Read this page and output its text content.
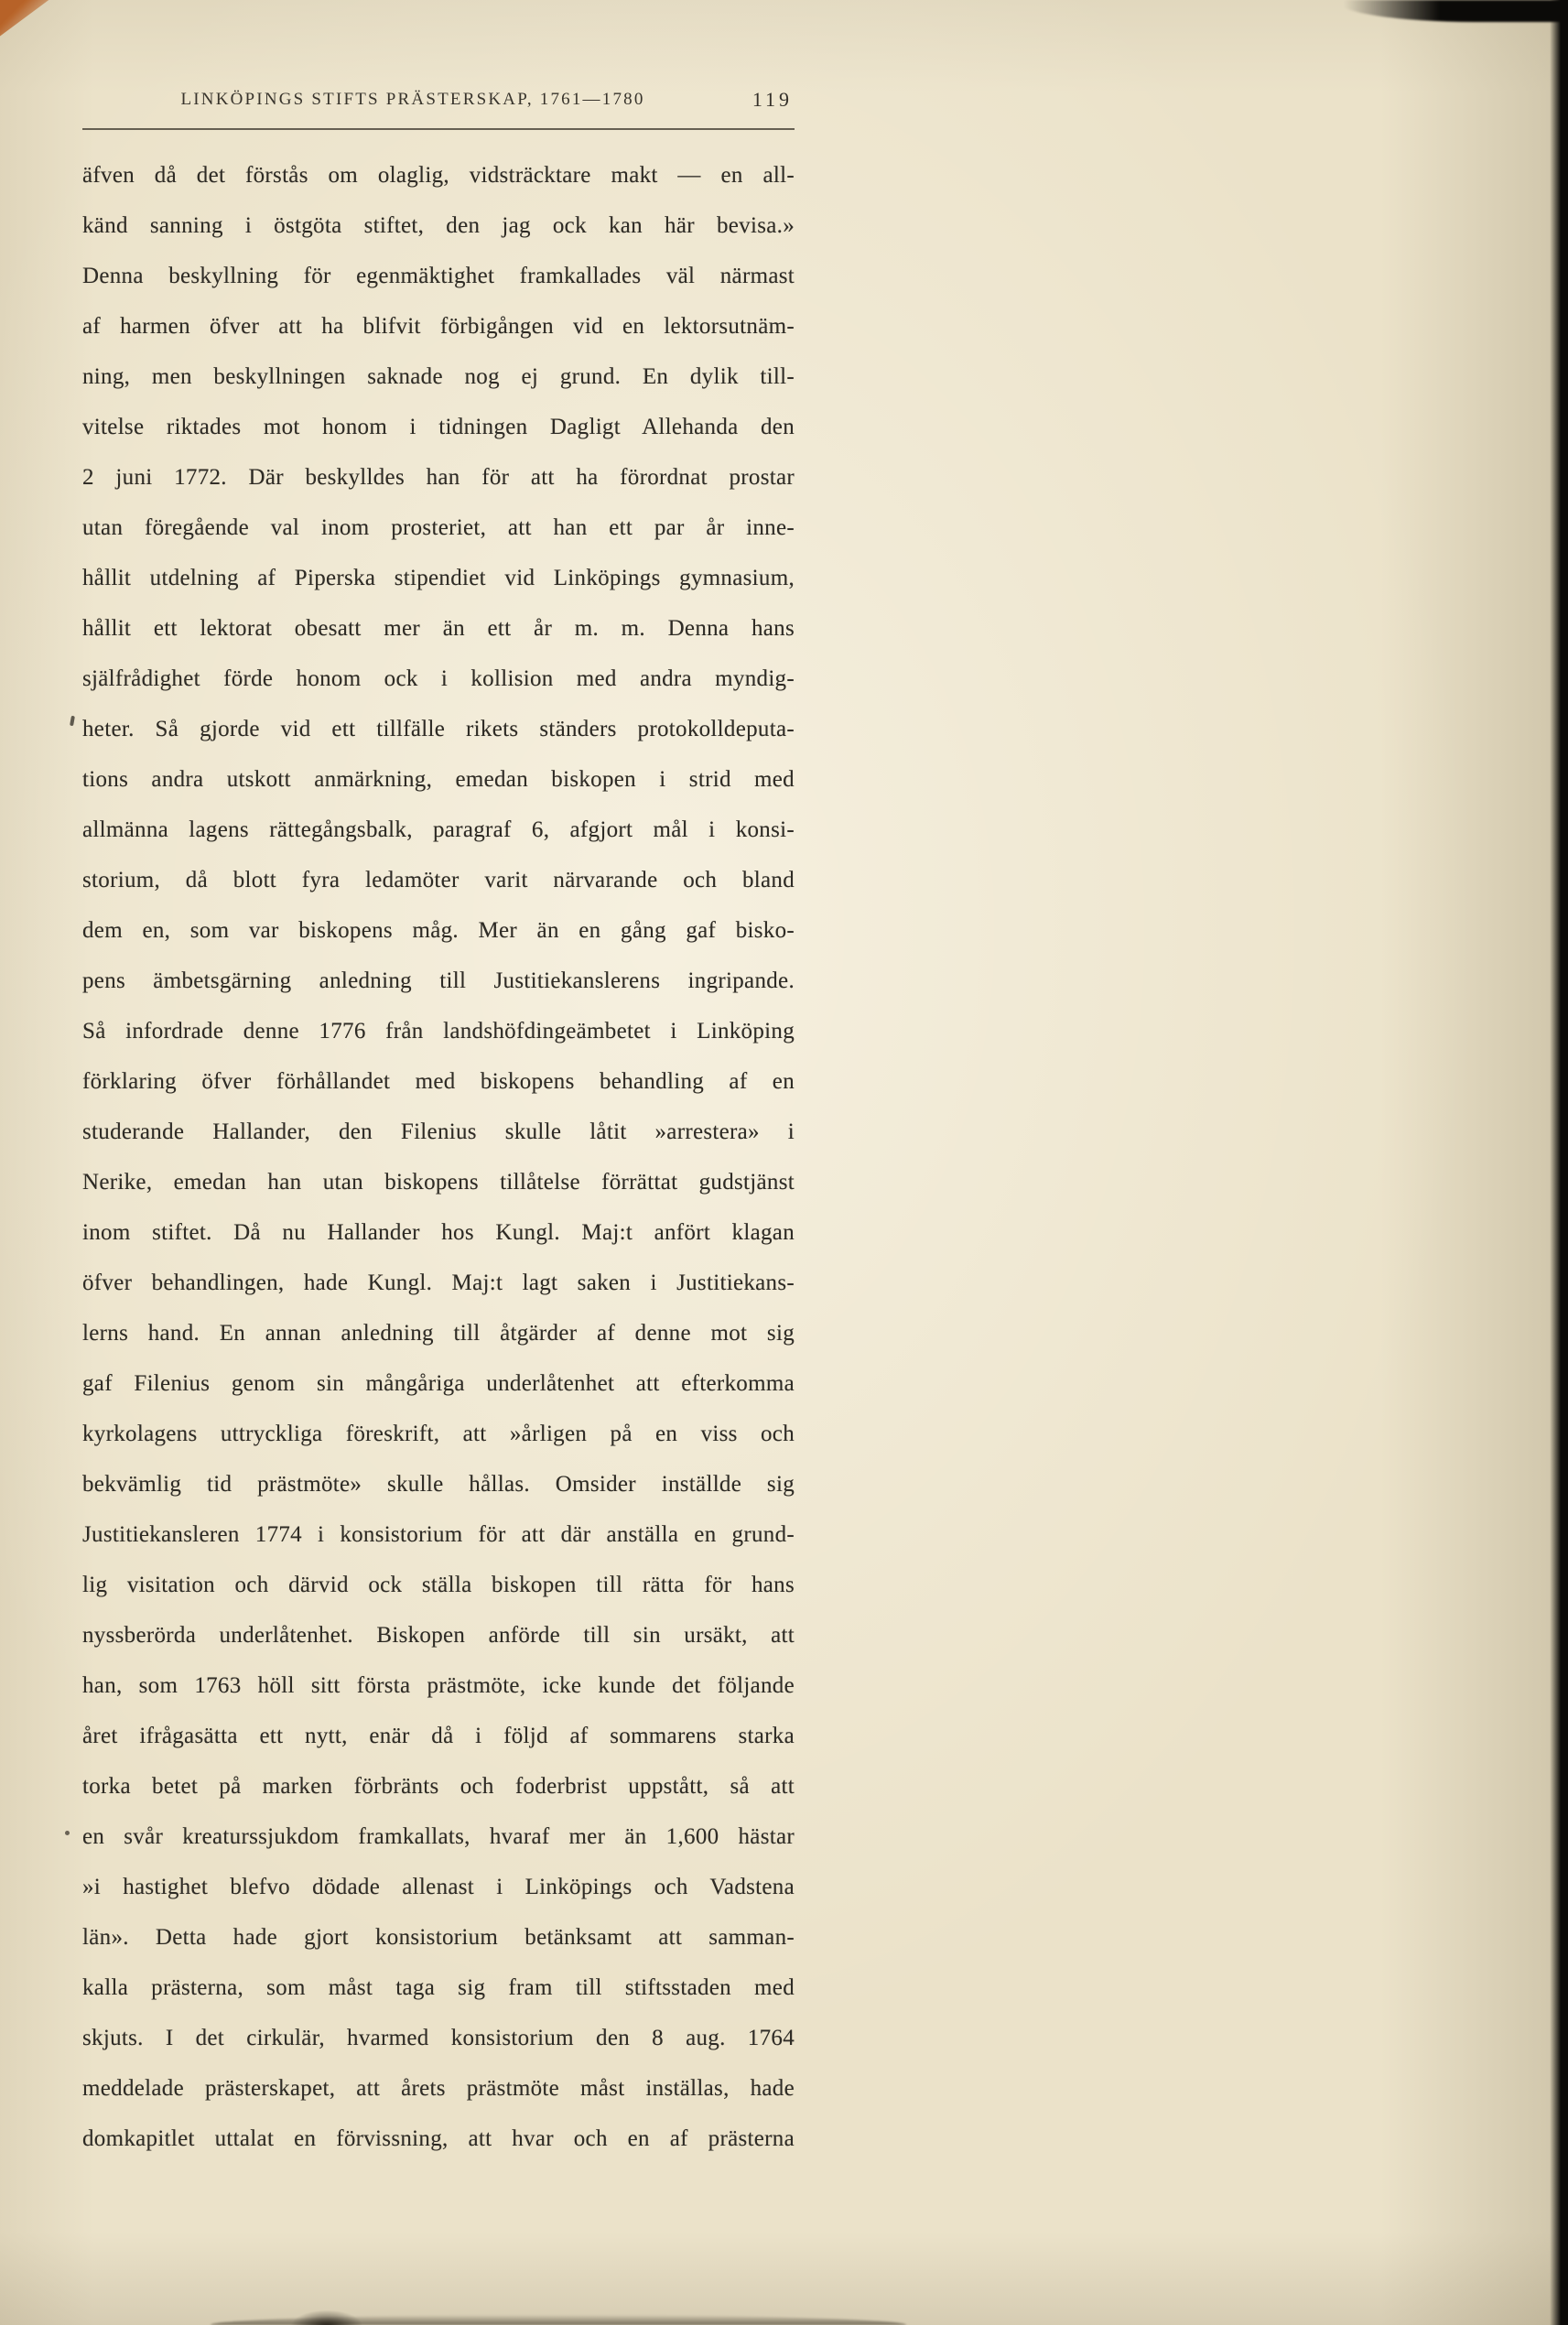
LINKÖPINGS STIFTS PRÄSTERSKAP, 1761—1780	119
äfven då det förstås om olaglig, vidsträcktare makt — en all-
känd sanning i östgöta stiftet, den jag ock kan här bevisa.»
Denna beskyllning för egenmäktighet framkallades väl närmast
af harmen öfver att ha blifvit förbigången vid en lektorsutnäm-
ning, men beskyllningen saknade nog ej grund. En dylik till-
vitelse riktades mot honom i tidningen Dagligt Allehanda den
2 juni 1772. Där beskylldes han för att ha förordnat prostar
utan föregående val inom prosteriet, att han ett par år inne-
hållit utdelning af Piperska stipendiet vid Linköpings gymnasium,
hållit ett lektorat obesatt mer än ett år m. m. Denna hans
själfrådighet förde honom ock i kollision med andra myndig-
heter. Så gjorde vid ett tillfälle rikets ständers protokolldeputa-
tions andra utskott anmärkning, emedan biskopen i strid med
allmänna lagens rättegångsbalk, paragraf 6, afgjort mål i konsi-
storium, då blott fyra ledamöter varit närvarande och bland
dem en, som var biskopens måg. Mer än en gång gaf bisko-
pens ämbetsgärning anledning till Justitiekanslerens ingripande.
Så infordrade denne 1776 från landshöfdingeämbetet i Linköping
förklaring öfver förhållandet med biskopens behandling af en
studerande Hallander, den Filenius skulle låtit »arrestera» i
Nerike, emedan han utan biskopens tillåtelse förrättat gudstjänst
inom stiftet. Då nu Hallander hos Kungl. Maj:t anfört klagan
öfver behandlingen, hade Kungl. Maj:t lagt saken i Justitiekans-
lerns hand. En annan anledning till åtgärder af denne mot sig
gaf Filenius genom sin mångåriga underlåtenhet att efterkomma
kyrkolagens uttryckliga föreskrift, att »årligen på en viss och
bekvämlig tid prästmöte» skulle hållas. Omsider inställde sig
Justitiekansleren 1774 i konsistorium för att där anställa en grund-
lig visitation och därvid ock ställa biskopen till rätta för hans
nyssberörda underlåtenhet. Biskopen anförde till sin ursäkt, att
han, som 1763 höll sitt första prästmöte, icke kunde det följande
året ifrågasätta ett nytt, enär då i följd af sommarens starka
torka betet på marken förbränts och foderbrist uppstått, så att
en svår kreaturssjukdom framkallats, hvaraf mer än 1,600 hästar
»i hastighet blefvo dödade allenast i Linköpings och Vadstena
län». Detta hade gjort konsistorium betänksamt att samman-
kalla prästerna, som måst taga sig fram till stiftsstaden med
skjuts. I det cirkulär, hvarmed konsistorium den 8 aug. 1764
meddelade prästerskapet, att årets prästmöte måst inställas, hade
domkapitlet uttalat en förvissning, att hvar och en af prästerna
